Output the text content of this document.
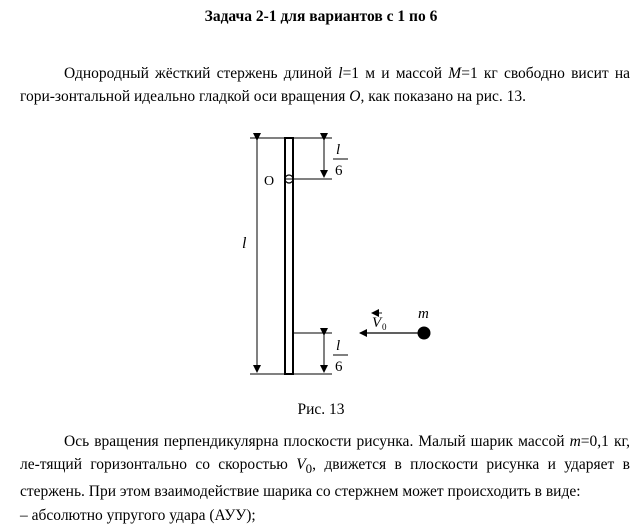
Задача 2-1 для вариантов с 1 по 6
Однородный жёсткий стержень длиной l=1 м и массой M=1 кг свободно висит на гори-зонтальной идеально гладкой оси вращения O, как показано на рис. 13.
O
l
l
6
l
6
V 0
m
Рис. 13
Ось вращения перпендикулярна плоскости рисунка. Малый шарик массой m=0,1 кг, ле-тящий горизонтально со скоростью $V_0$, движется в плоскости рисунка и ударяет в стержень. При этом взаимодействие шарика со стержнем может происходить в виде:
– абсолютно упругого удара (АУУ);
